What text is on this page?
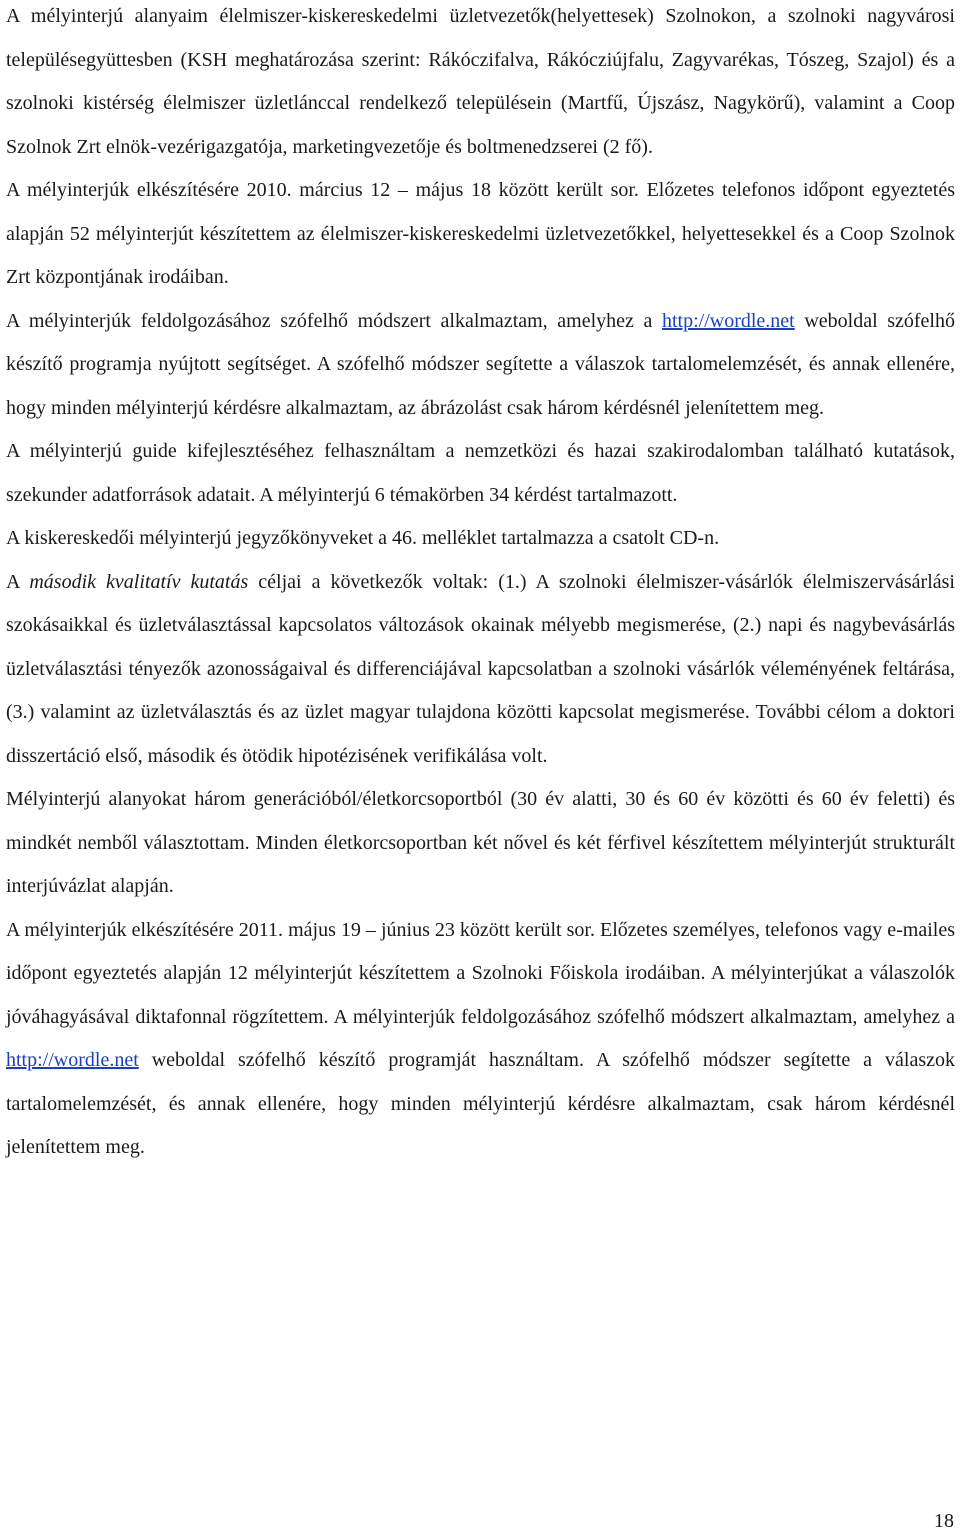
A mélyinterjú alanyaim élelmiszer-kiskereskedelmi üzletvezetők(helyettesek) Szolnokon, a szolnoki nagyvárosi településegyüttesben (KSH meghatározása szerint: Rákóczifalva, Rákócziújfalu, Zagyvarékas, Tószeg, Szajol) és a szolnoki kistérség élelmiszer üzletlánccal rendelkező településein (Martfű, Újszász, Nagykörű), valamint a Coop Szolnok Zrt elnök-vezérigazgatója, marketingvezetője és boltmenedzserei (2 fő).

A mélyinterjúk elkészítésére 2010. március 12 – május 18 között került sor. Előzetes telefonos időpont egyeztetés alapján 52 mélyinterjút készítettem az élelmiszer-kiskereskedelmi üzletvezetőkkel, helyettesekkel és a Coop Szolnok Zrt központjának irodáiban.

A mélyinterjúk feldolgozásához szófelhő módszert alkalmaztam, amelyhez a http://wordle.net weboldal szófelhő készítő programja nyújtott segítséget. A szófelhő módszer segítette a válaszok tartalomelemzését, és annak ellenére, hogy minden mélyinterjú kérdésre alkalmaztam, az ábrázolást csak három kérdésnél jelenítettem meg.

A mélyinterjú guide kifejlesztéséhez felhasználtam a nemzetközi és hazai szakirodalomban található kutatások, szekunder adatforrások adatait. A mélyinterjú 6 témakörben 34 kérdést tartalmazott.

A kiskereskedői mélyinterjú jegyzőkönyveket a 46. melléklet tartalmazza a csatolt CD-n.

A második kvalitatív kutatás céljai a következők voltak: (1.) A szolnoki élelmiszer-vásárlók élelmiszervásárlási szokásaikkal és üzletválasztással kapcsolatos változások okainak mélyebb megismerése, (2.) napi és nagybevásárlás üzletválasztási tényezők azonosságaival és differenciájával kapcsolatban a szolnoki vásárlók véleményének feltárása, (3.) valamint az üzletválasztás és az üzlet magyar tulajdona közötti kapcsolat megismerése. További célom a doktori disszertáció első, második és ötödik hipotézisének verifikálása volt.

Mélyinterjú alanyokat három generációból/életkorcsoportból (30 év alatti, 30 és 60 év közötti és 60 év feletti) és mindkét nemből választottam. Minden életkorcsoportban két nővel és két férfivel készítettem mélyinterjút strukturált interjúvázlat alapján.

A mélyinterjúk elkészítésére 2011. május 19 – június 23 között került sor. Előzetes személyes, telefonos vagy e-mailes időpont egyeztetés alapján 12 mélyinterjút készítettem a Szolnoki Főiskola irodáiban. A mélyinterjúkat a válaszolók jóváhagyásával diktafonnal rögzítettem. A mélyinterjúk feldolgozásához szófelhő módszert alkalmaztam, amelyhez a http://wordle.net weboldal szófelhő készítő programját használtam. A szófelhő módszer segítette a válaszok tartalomelemzését, és annak ellenére, hogy minden mélyinterjú kérdésre alkalmaztam, csak három kérdésnél jelenítettem meg.

18
